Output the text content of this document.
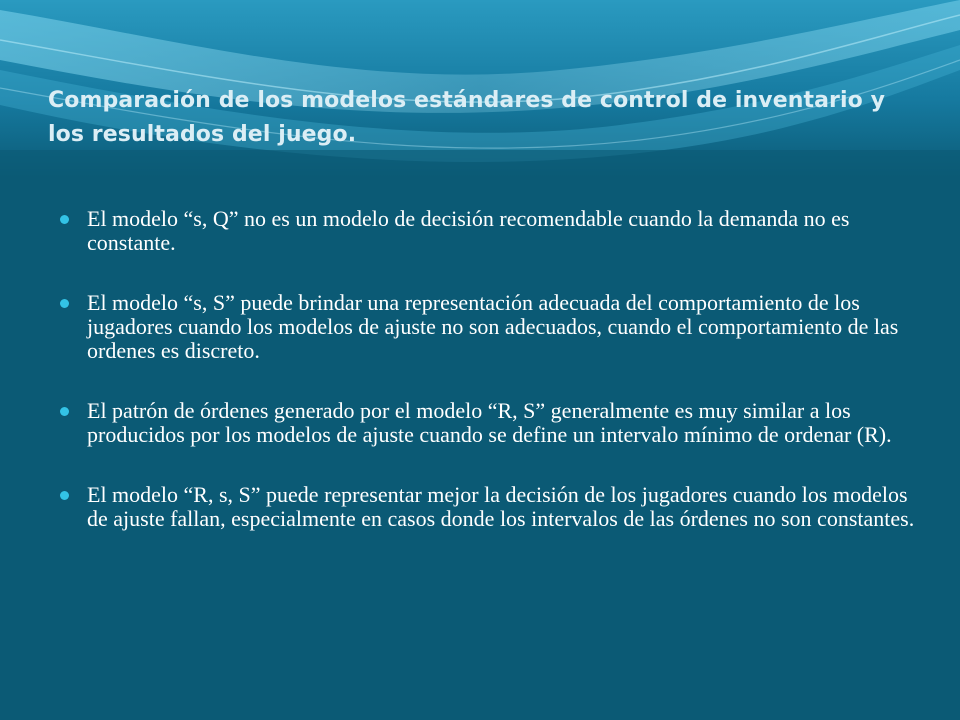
Comparación de los modelos estándares de control de inventario y los resultados del juego.
El modelo “s, Q” no es un modelo de decisión recomendable cuando la demanda no es constante.
El modelo “s, S” puede brindar una representación adecuada del comportamiento de los jugadores cuando los modelos de ajuste no son adecuados, cuando el comportamiento de las ordenes es discreto.
El patrón de órdenes generado por el modelo “R, S” generalmente es muy similar a los producidos por los modelos de ajuste cuando se define un intervalo mínimo de ordenar (R).
El modelo “R, s, S” puede representar mejor la decisión de los jugadores cuando los modelos de ajuste fallan, especialmente en casos donde los intervalos de las órdenes no son constantes.
